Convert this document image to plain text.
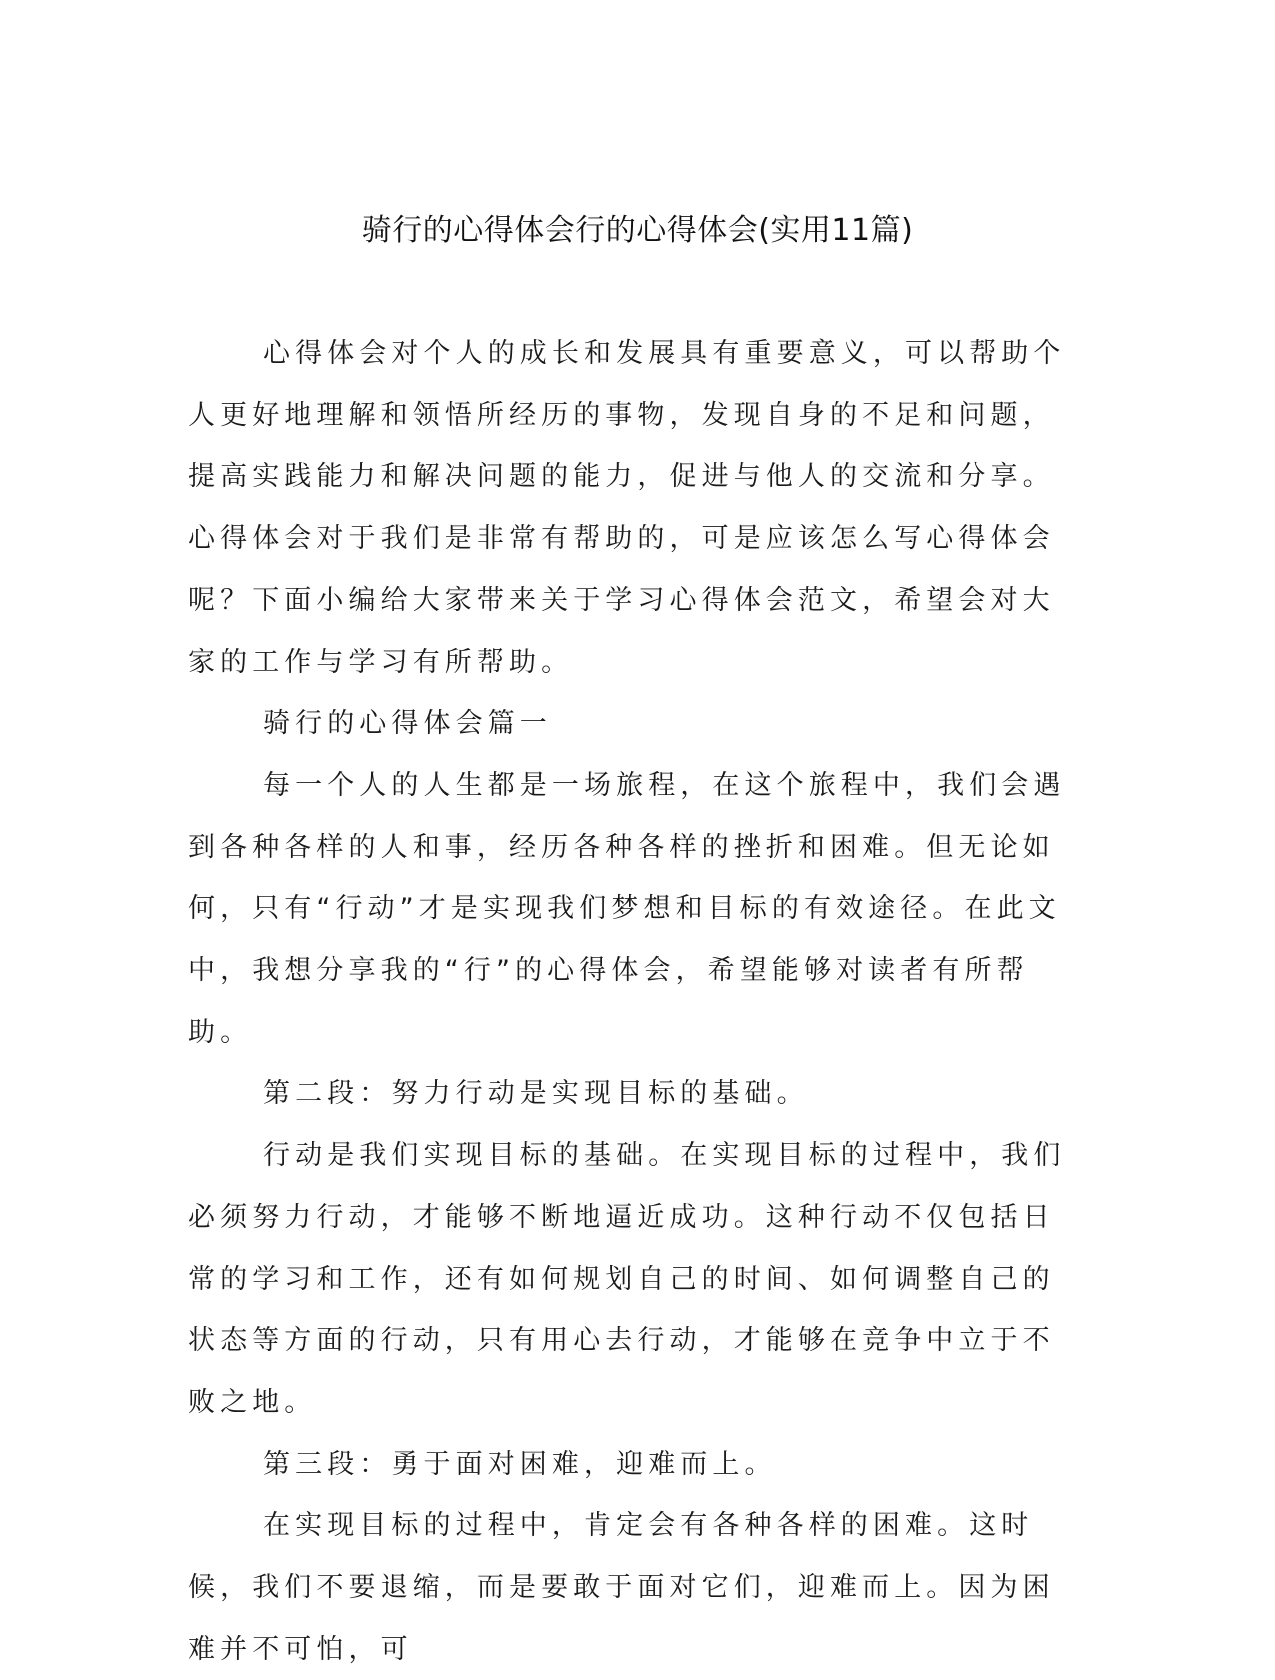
骑行的心得体会行的心得体会(实用11篇)

心得体会对个人的成长和发展具有重要意义，可以帮助个人更好地理解和领悟所经历的事物，发现自身的不足和问题，提高实践能力和解决问题的能力，促进与他人的交流和分享。心得体会对于我们是非常有帮助的，可是应该怎么写心得体会呢？下面小编给大家带来关于学习心得体会范文，希望会对大家的工作与学习有所帮助。

骑行的心得体会篇一

每一个人的人生都是一场旅程，在这个旅程中，我们会遇到各种各样的人和事，经历各种各样的挫折和困难。但无论如何，只有“行动”才是实现我们梦想和目标的有效途径。在此文中，我想分享我的“行”的心得体会，希望能够对读者有所帮助。

第二段：努力行动是实现目标的基础。

行动是我们实现目标的基础。在实现目标的过程中，我们必须努力行动，才能够不断地逼近成功。这种行动不仅包括日常的学习和工作，还有如何规划自己的时间、如何调整自己的状态等方面的行动，只有用心去行动，才能够在竞争中立于不败之地。

第三段：勇于面对困难，迎难而上。

在实现目标的过程中，肯定会有各种各样的困难。这时候，我们不要退缩，而是要敢于面对它们，迎难而上。因为困难并不可怕，可
